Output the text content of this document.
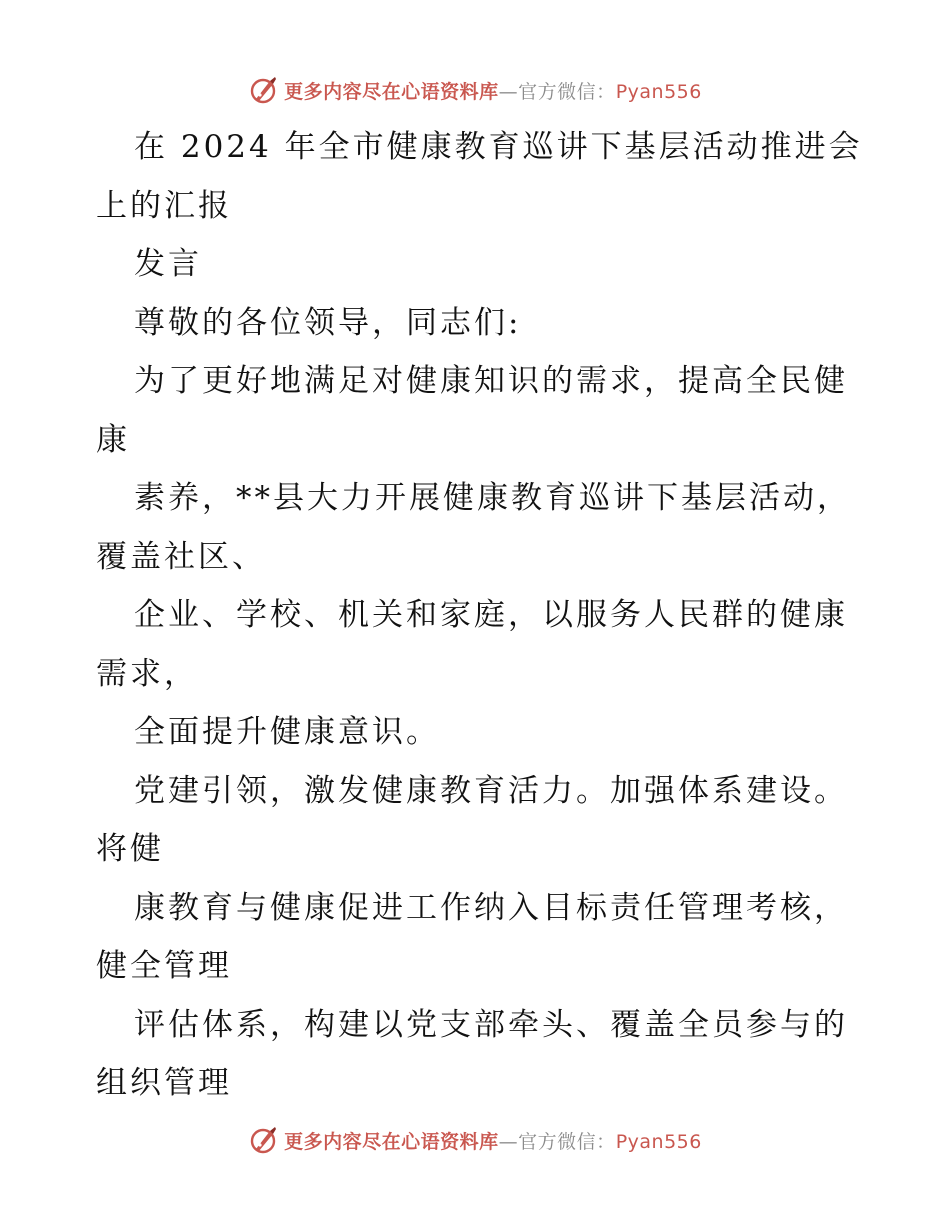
更多内容尽在心语资料库—官方微信：Pyan556
在 2024 年全市健康教育巡讲下基层活动推进会
上的汇报
发言
尊敬的各位领导，同志们:
为了更好地满足对健康知识的需求，提高全民健
康
素养，**县大力开展健康教育巡讲下基层活动，
覆盖社区、
企业、学校、机关和家庭，以服务人民群的健康
需求，
全面提升健康意识。
党建引领，激发健康教育活力。加强体系建设。
将健
康教育与健康促进工作纳入目标责任管理考核，
健全管理
评估体系，构建以党支部牵头、覆盖全员参与的
组织管理
更多内容尽在心语资料库—官方微信：Pyan556
